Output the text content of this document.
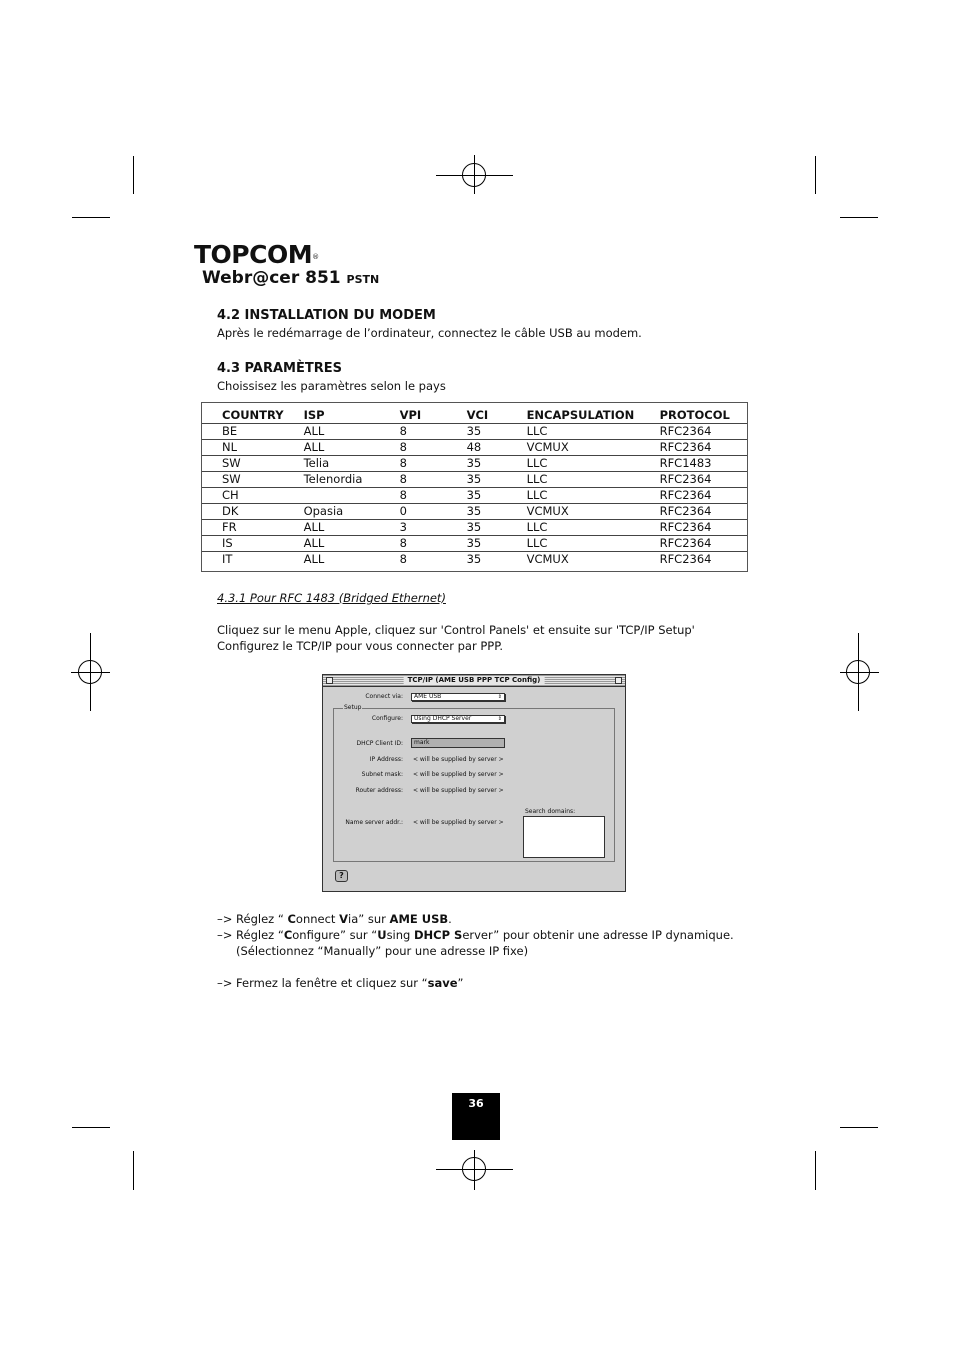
TOPCOM®
Webr@cer 851 PSTN
4.2 INSTALLATION DU MODEM
Après le redémarrage de l’ordinateur, connectez le câble USB au modem.
4.3 PARAMÈTRES
Choissisez les paramètres selon le pays
COUNTRY	ISP	VPI	VCI	ENCAPSULATION	PROTOCOL
BE	ALL	8	35	LLC	RFC2364
NL	ALL	8	48	VCMUX	RFC2364
SW	Telia	8	35	LLC	RFC1483
SW	Telenordia	8	35	LLC	RFC2364
CH		8	35	LLC	RFC2364
DK	Opasia	0	35	VCMUX	RFC2364
FR	ALL	3	35	LLC	RFC2364
IS	ALL	8	35	LLC	RFC2364
IT	ALL	8	35	VCMUX	RFC2364
4.3.1 Pour RFC 1483 (Bridged Ethernet)
Cliquez sur le menu Apple, cliquez sur 'Control Panels' et ensuite sur 'TCP/IP Setup'
Configurez le TCP/IP pour vous connecter par PPP.
TCP/IP (AME USB PPP TCP Config)
Connect via:	AME USB	⇕
Setup
Configure:	Using DHCP Server	⇕
DHCP Client ID:	mark
IP Address: < will be supplied by server >
Subnet mask: < will be supplied by server >
Router address: < will be supplied by server >
Search domains:
Name server addr.: < will be supplied by server >
?
–> Réglez “ Connect Via” sur AME USB.
–> Réglez “Configure” sur “Using DHCP Server” pour obtenir une adresse IP dynamique.
(Sélectionnez “Manually” pour une adresse IP fixe)
–> Fermez la fenêtre et cliquez sur “save”
36
